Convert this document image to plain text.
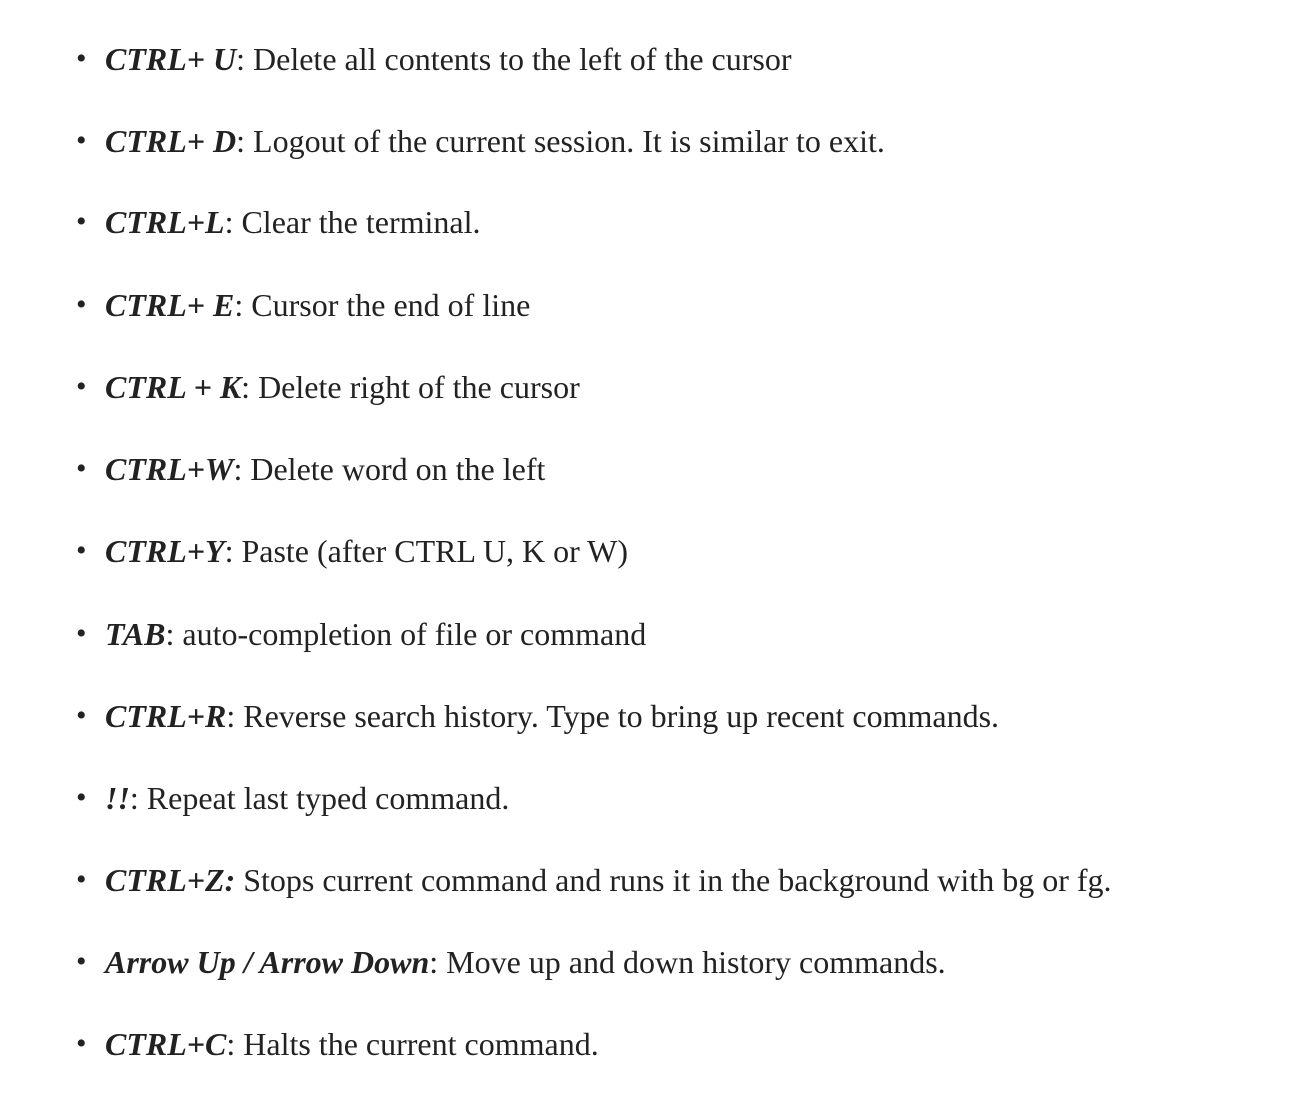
• CTRL+ U: Delete all contents to the left of the cursor
• CTRL+ D: Logout of the current session. It is similar to exit.
• CTRL+L: Clear the terminal.
• CTRL+ E: Cursor the end of line
• CTRL + K: Delete right of the cursor
• CTRL+W: Delete word on the left
• CTRL+Y: Paste (after CTRL U, K or W)
• TAB: auto-completion of file or command
• CTRL+R: Reverse search history. Type to bring up recent commands.
• !!: Repeat last typed command.
• CTRL+Z: Stops current command and runs it in the background with bg or fg.
• Arrow Up / Arrow Down: Move up and down history commands.
• CTRL+C: Halts the current command.
